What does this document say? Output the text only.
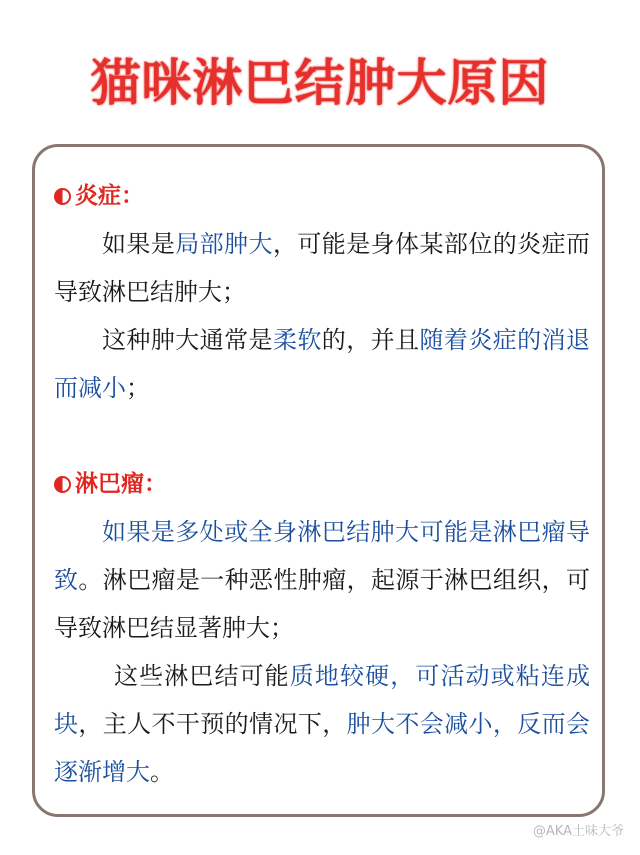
猫咪淋巴结肿大原因
炎症：

如果是局部肿大，可能是身体某部位的炎症而导致淋巴结肿大；

这种肿大通常是柔软的，并且随着炎症的消退而减小；

淋巴瘤：

如果是多处或全身淋巴结肿大可能是淋巴瘤导致。淋巴瘤是一种恶性肿瘤，起源于淋巴组织，可导致淋巴结显著肿大；

这些淋巴结可能质地较硬，可活动或粘连成块，主人不干预的情况下，肿大不会减小，反而会逐渐增大。

@AKA土味大爷
